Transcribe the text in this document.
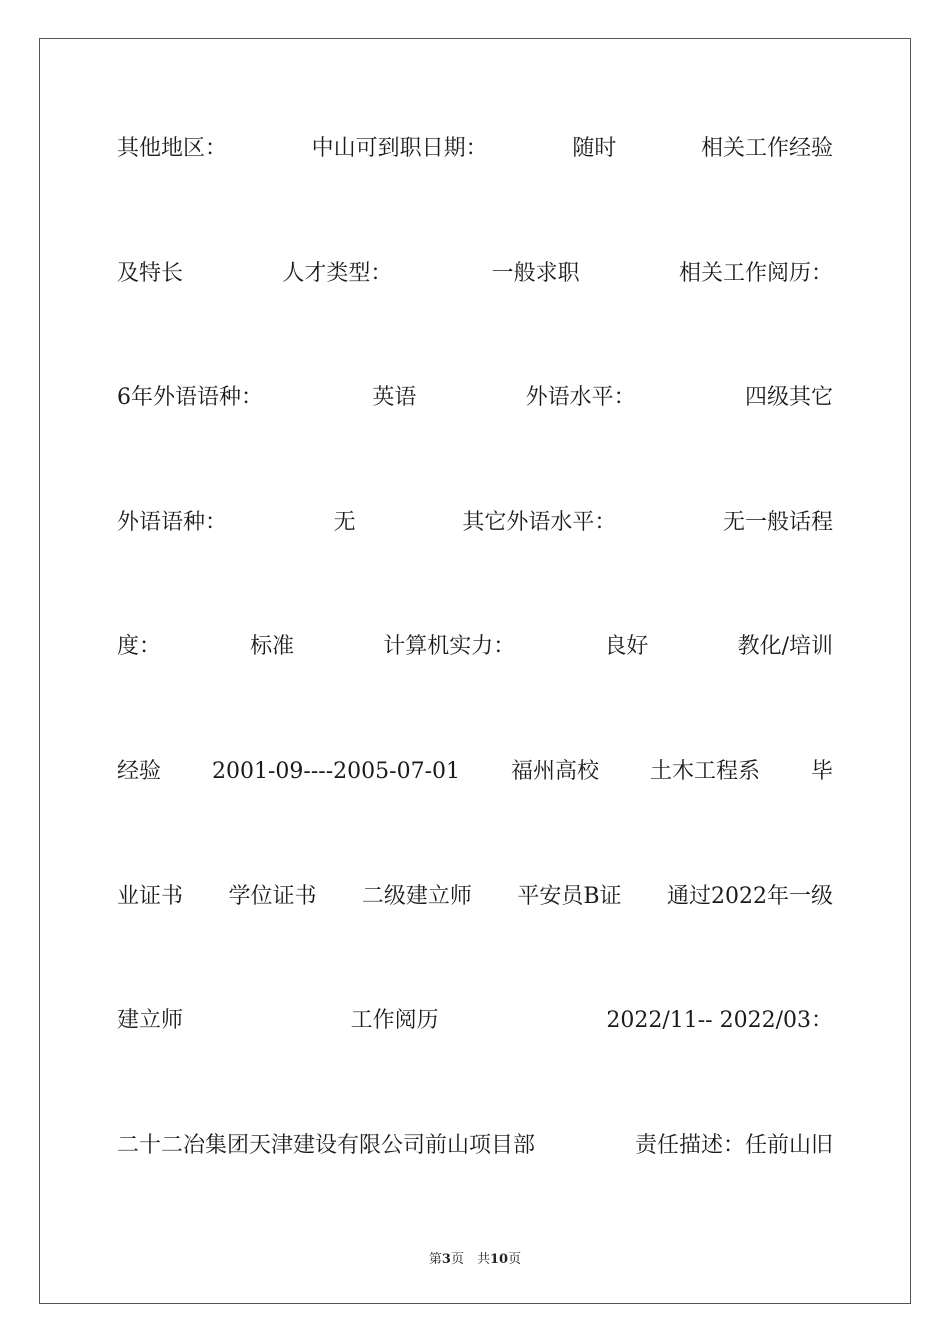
其他地区：	中山可到职日期：	随时	相关工作经验
及特长	人才类型：	一般求职	相关工作阅历：
6年外语语种：	英语	外语水平：	四级其它
外语语种：	无	其它外语水平：	无一般话程
度：	标准	计算机实力：	良好	教化/培训
经验 2001-09----2005-07-01 福州高校 土木工程系 毕
业证书 学位证书 二级建立师 平安员B证 通过2022年一级
建立师	工作阅历	2022/11-- 2022/03：
二十二冶集团天津建设有限公司前山项目部	责任描述：任前山旧
第3页　共10页
